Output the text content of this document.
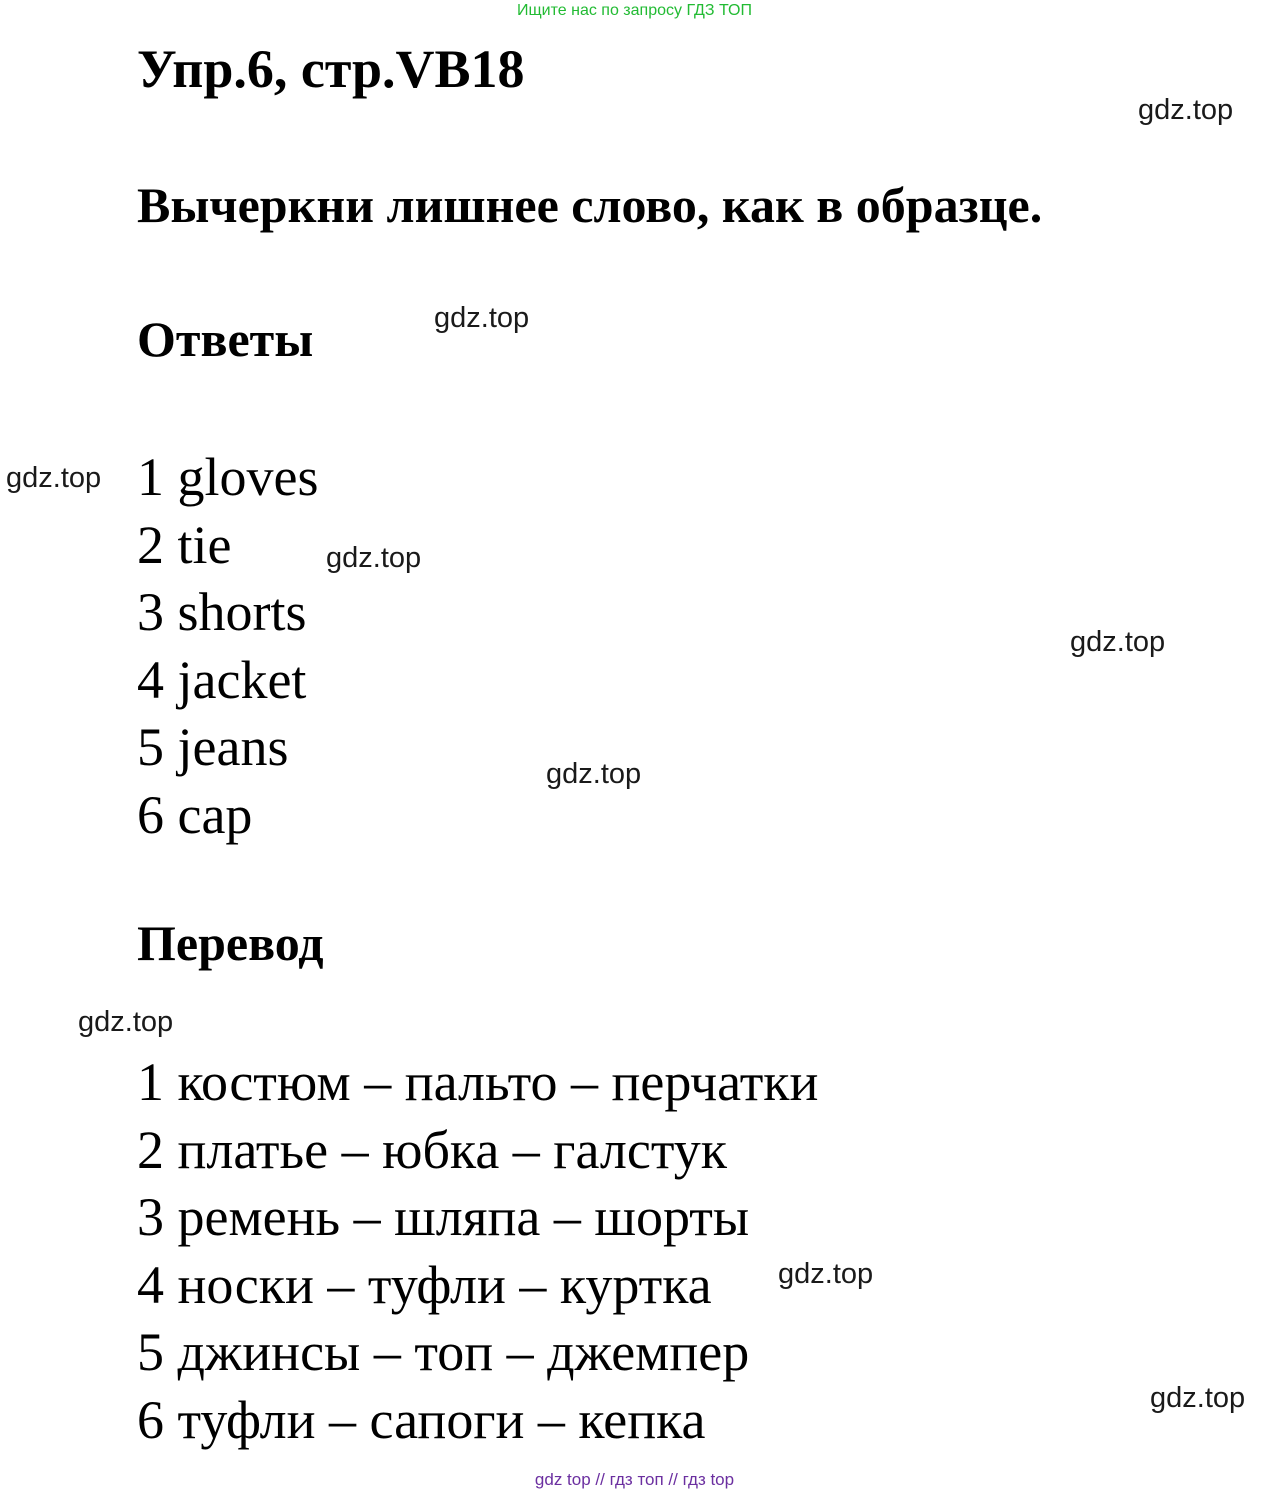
Ищите нас по запросу ГДЗ ТОП
Упр.6, стр.VB18
Вычеркни лишнее слово, как в образце.
Ответы
1 gloves
2 tie
3 shorts
4 jacket
5 jeans
6 cap
Перевод
1 костюм – пальто – перчатки
2 платье – юбка – галстук
3 ремень – шляпа – шорты
4 носки – туфли – куртка
5 джинсы – топ – джемпер
6 туфли – сапоги – кепка
gdz.top
gdz.top
gdz.top
gdz.top
gdz.top
gdz.top
gdz.top
gdz.top
gdz.top
gdz top // гдз топ // гдз top
